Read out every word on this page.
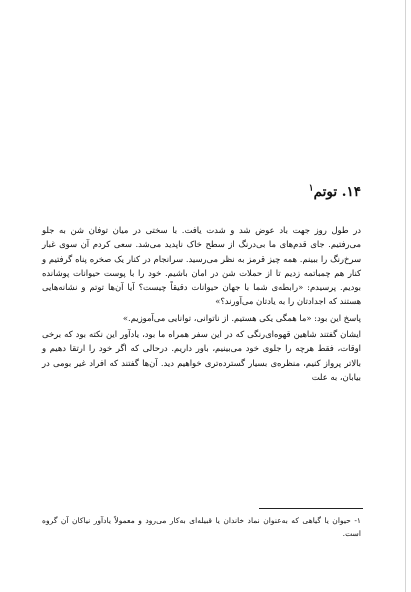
۱۴. توتم$^۱$

در طول روز جهت باد عوض شد و شدت یافت. با سختی در میان توفان شن به جلو می‌رفتیم. جای قدم‌های ما بی‌درنگ از سطح خاک ناپدید می‌شد. سعی کردم آن سوی غبار سرخ‌رنگ را ببینم. همه چیز قرمز به نظر می‌رسید. سرانجام در کنار یک صخره پناه گرفتیم و کنار هم چمباتمه زدیم تا از حملات شن در امان باشیم. خود را با پوست حیوانات پوشانده بودیم. پرسیدم: «رابطه‌ی شما با جهان حیوانات دقیقاً چیست؟ آیا آن‌ها توتم و نشانه‌هایی هستند که اجدادتان را به یادتان می‌آورند؟»

پاسخ این بود: «ما همگی یکی هستیم. از ناتوانی، توانایی می‌آموزیم.»

ایشان گفتند شاهین قهوه‌ای‌رنگی که در این سفر همراه ما بود، یادآور این نکته بود که برخی اوقات، فقط هرچه را جلوی خود می‌بینیم، باور داریم. درحالی که اگر خود را ارتقا دهیم و بالاتر پرواز کنیم، منظره‌ی بسیار گسترده‌تری خواهیم دید. آن‌ها گفتند که افراد غیر بومی در بیابان، به علت

۱- حیوان یا گیاهی که به‌عنوان نماد خاندان یا قبیله‌ای به‌کار می‌رود و معمولاً یادآور نیاکان آن گروه است.
